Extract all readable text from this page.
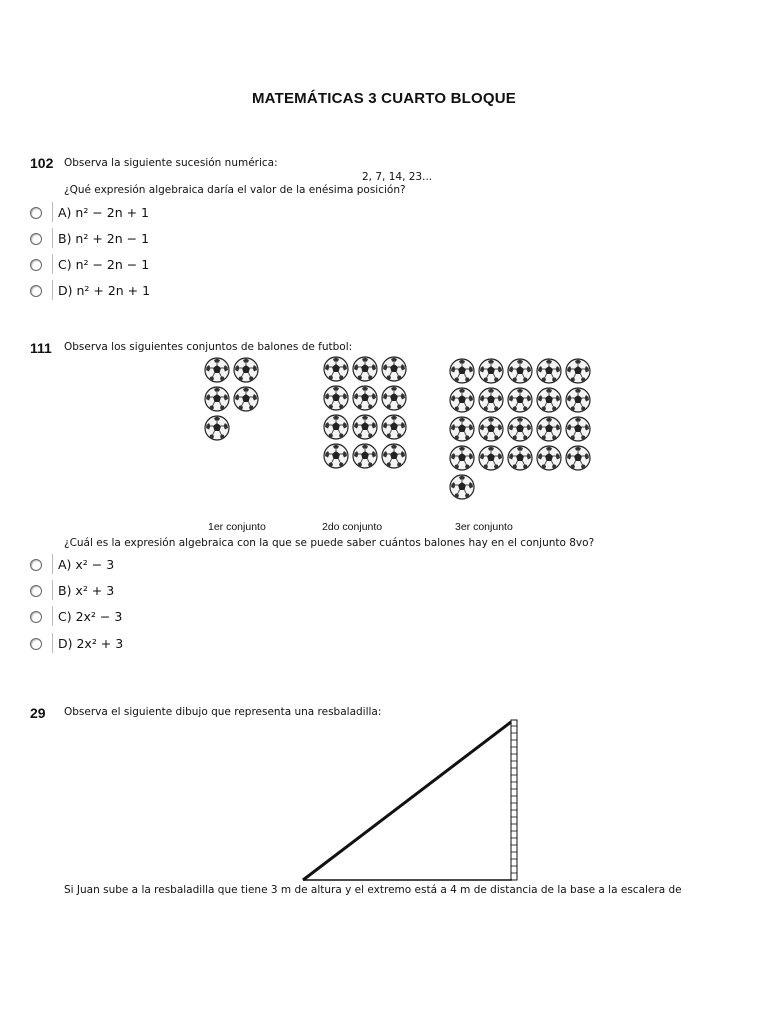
MATEMÁTICAS 3 CUARTO BLOQUE
102 Observa la siguiente sucesión numérica:
2, 7, 14, 23...
¿Qué expresión algebraica daría el valor de la enésima posición?
A) n² − 2n + 1
B) n² + 2n − 1
C) n² − 2n − 1
D) n² + 2n + 1
111 Observa los siguientes conjuntos de balones de futbol:
1er conjunto	2do conjunto	3er conjunto
¿Cuál es la expresión algebraica con la que se puede saber cuántos balones hay en el conjunto 8vo?
A) x² − 3
B) x² + 3
C) 2x² − 3
D) 2x² + 3
29 Observa el siguiente dibujo que representa una resbaladilla:
Si Juan sube a la resbaladilla que tiene 3 m de altura y el extremo está a 4 m de distancia de la base a la escalera de
